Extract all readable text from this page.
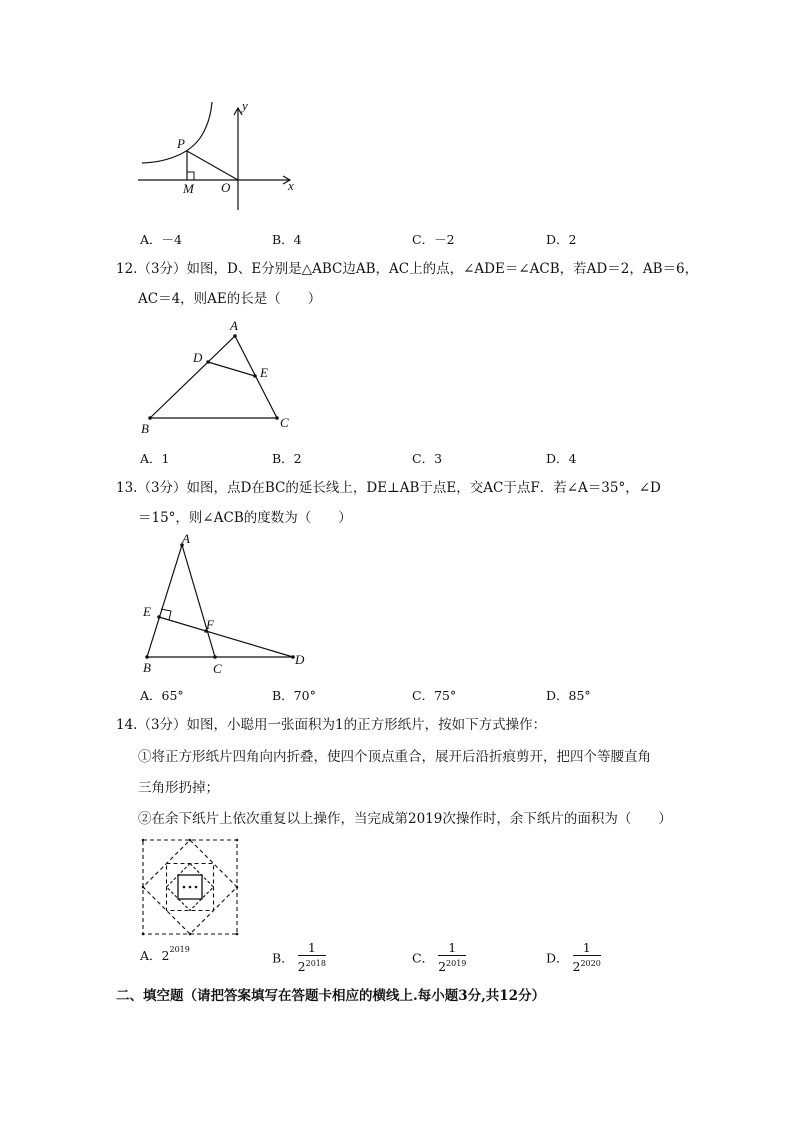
P
M O	x
y
A．－4	B．4	C．－2	D．2
12.（3分）如图，D、E分别是△ABC边AB，AC上的点，∠ADE＝∠ACB，若AD＝2，AB＝6，
AC＝4，则AE的长是（　　）
A
B	C
D
E
A．1	B．2	C．3	D．4
13.（3分）如图，点D在BC的延长线上，DE⊥AB于点E，交AC于点F．若∠A＝35°，∠D
＝15°，则∠ACB的度数为（　　）
A
B	C
D
E
F
A．65°	B．70°	C．75°	D．85°
14.（3分）如图，小聪用一张面积为1的正方形纸片，按如下方式操作：
①将正方形纸片四角向内折叠，使四个顶点重合，展开后沿折痕剪开，把四个等腰直角
三角形扔掉；
②在余下纸片上依次重复以上操作，当完成第2019次操作时，余下纸片的面积为（　　）
A．$2^{2019}$
B． $\frac{1}{2^{2018}}$	C． $\frac{1}{2^{2019}}$	D． $\frac{1}{2^{2020}}$
二、填空题（请把答案填写在答题卡相应的横线上.每小题3分,共12分）
